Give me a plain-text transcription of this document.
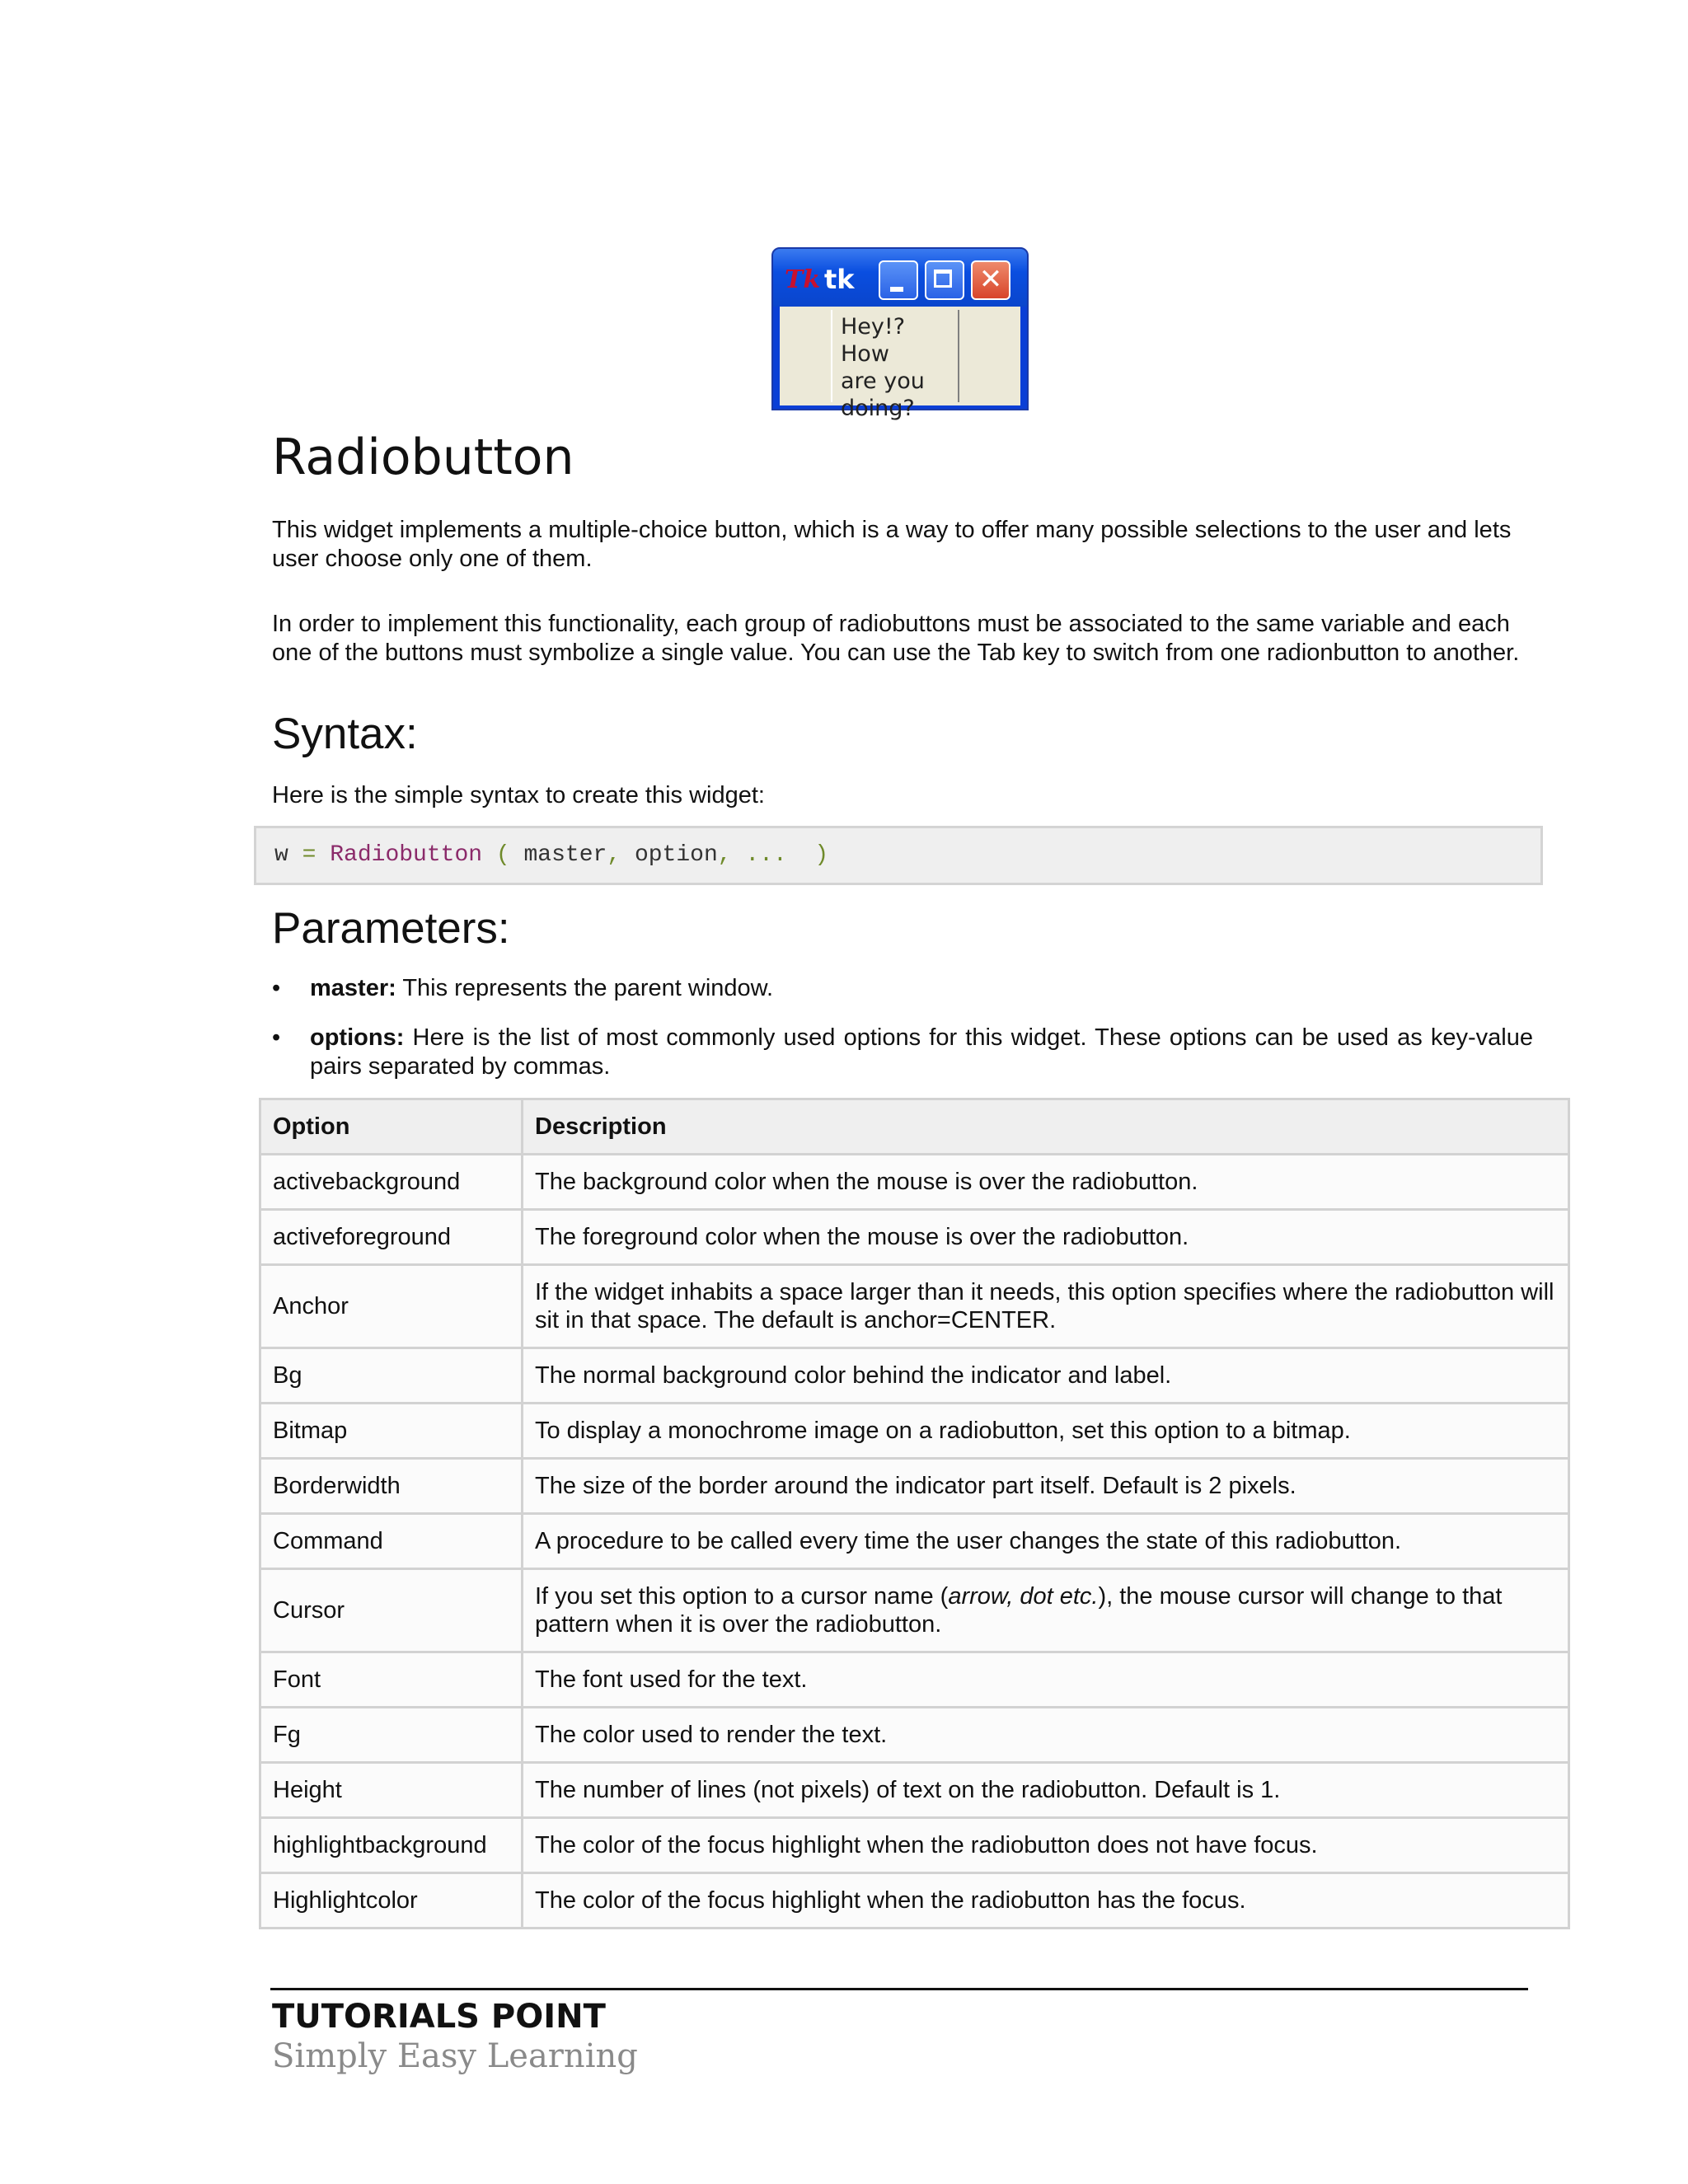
Tk tk	✕
Hey!? How
are you
doing?
Radiobutton

This widget implements a multiple-choice button, which is a way to offer many possible selections to the user and lets user choose only one of them.

In order to implement this functionality, each group of radiobuttons must be associated to the same variable and each one of the buttons must symbolize a single value. You can use the Tab key to switch from one radionbutton to another.

Syntax:

Here is the simple syntax to create this widget:

w = Radiobutton ( master, option, ...  )
Parameters:
• master: This represents the parent window.
• options: Here is the list of most commonly used options for this widget. These options can be used as key-value pairs separated by commas.
Option	Description
activebackground	The background color when the mouse is over the radiobutton.
activeforeground	The foreground color when the mouse is over the radiobutton.
Anchor	If the widget inhabits a space larger than it needs, this option specifies where the radiobutton will sit in that space. The default is anchor=CENTER.
Bg	The normal background color behind the indicator and label.
Bitmap	To display a monochrome image on a radiobutton, set this option to a bitmap.
Borderwidth	The size of the border around the indicator part itself. Default is 2 pixels.
Command	A procedure to be called every time the user changes the state of this radiobutton.
Cursor	If you set this option to a cursor name (arrow, dot etc.), the mouse cursor will change to that pattern when it is over the radiobutton.
Font	The font used for the text.
Fg	The color used to render the text.
Height	The number of lines (not pixels) of text on the radiobutton. Default is 1.
highlightbackground	The color of the focus highlight when the radiobutton does not have focus.
Highlightcolor	The color of the focus highlight when the radiobutton has the focus.
TUTORIALS POINT
Simply Easy Learning
